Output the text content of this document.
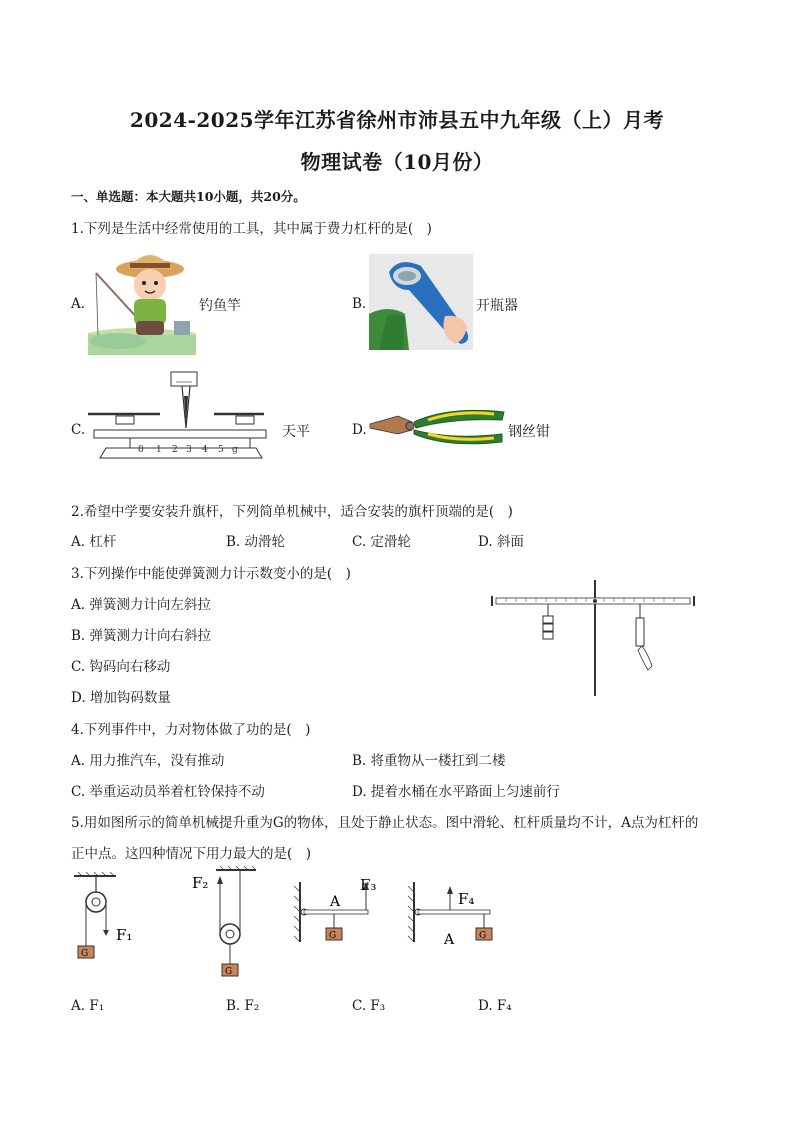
2024-2025学年江苏省徐州市沛县五中九年级（上）月考
物理试卷（10月份）
一、单选题：本大题共10小题，共20分。
1.下列是生活中经常使用的工具，其中属于费力杠杆的是(　)
A.	钓鱼竿	B.	开瓶器
C.
0 1 2 3 4 5 g
天平	D.	钢丝钳
2.希望中学要安装升旗杆，下列简单机械中，适合安装的旗杆顶端的是(　)
A. 杠杆	B. 动滑轮	C. 定滑轮	D. 斜面
3.下列操作中能使弹簧测力计示数变小的是(　)
A. 弹簧测力计向左斜拉
B. 弹簧测力计向右斜拉
C. 钩码向右移动
D. 增加钩码数量
4.下列事件中，力对物体做了功的是(　)
A. 用力推汽车，没有推动	B. 将重物从一楼扛到二楼
C. 举重运动员举着杠铃保持不动	D. 提着水桶在水平路面上匀速前行
5.用如图所示的简单机械提升重为G的物体，且处于静止状态。图中滑轮、杠杆质量均不计，A点为杠杆的
正中点。这四种情况下用力最大的是(　)
G
F₁
G
F₂
G
A
F₃
G
A
F₄
A. F₁	B. F₂	C. F₃	D. F₄
